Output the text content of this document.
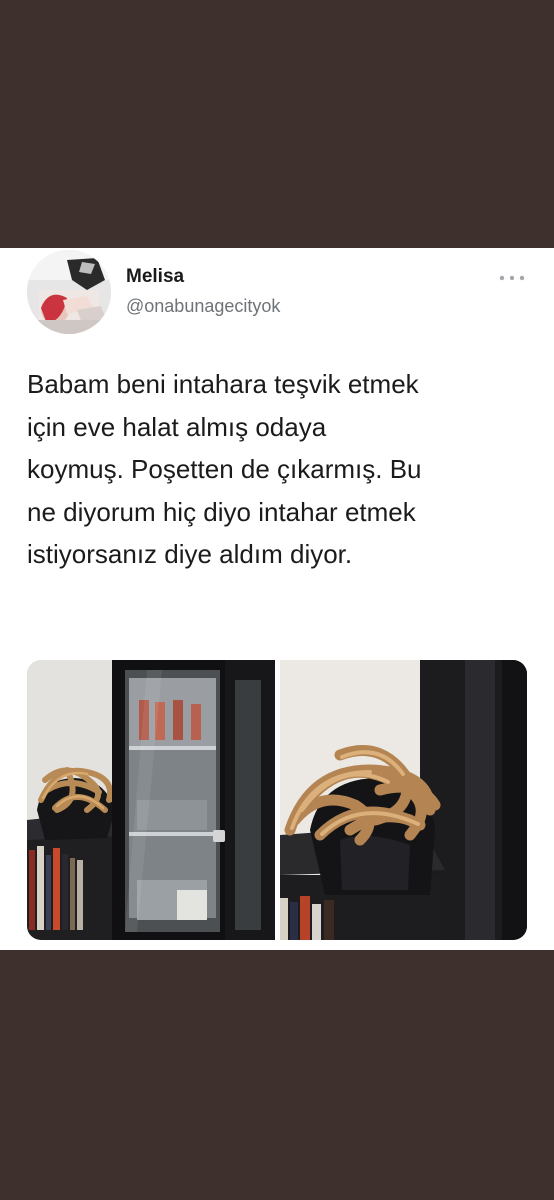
Melisa
@onabunagecityok

Babam beni intahara teşvik etmek
için eve halat almış odaya
koymuş. Poşetten de çıkarmış. Bu
ne diyorum hiç diyo intahar etmek
istiyorsanız diye aldım diyor.
